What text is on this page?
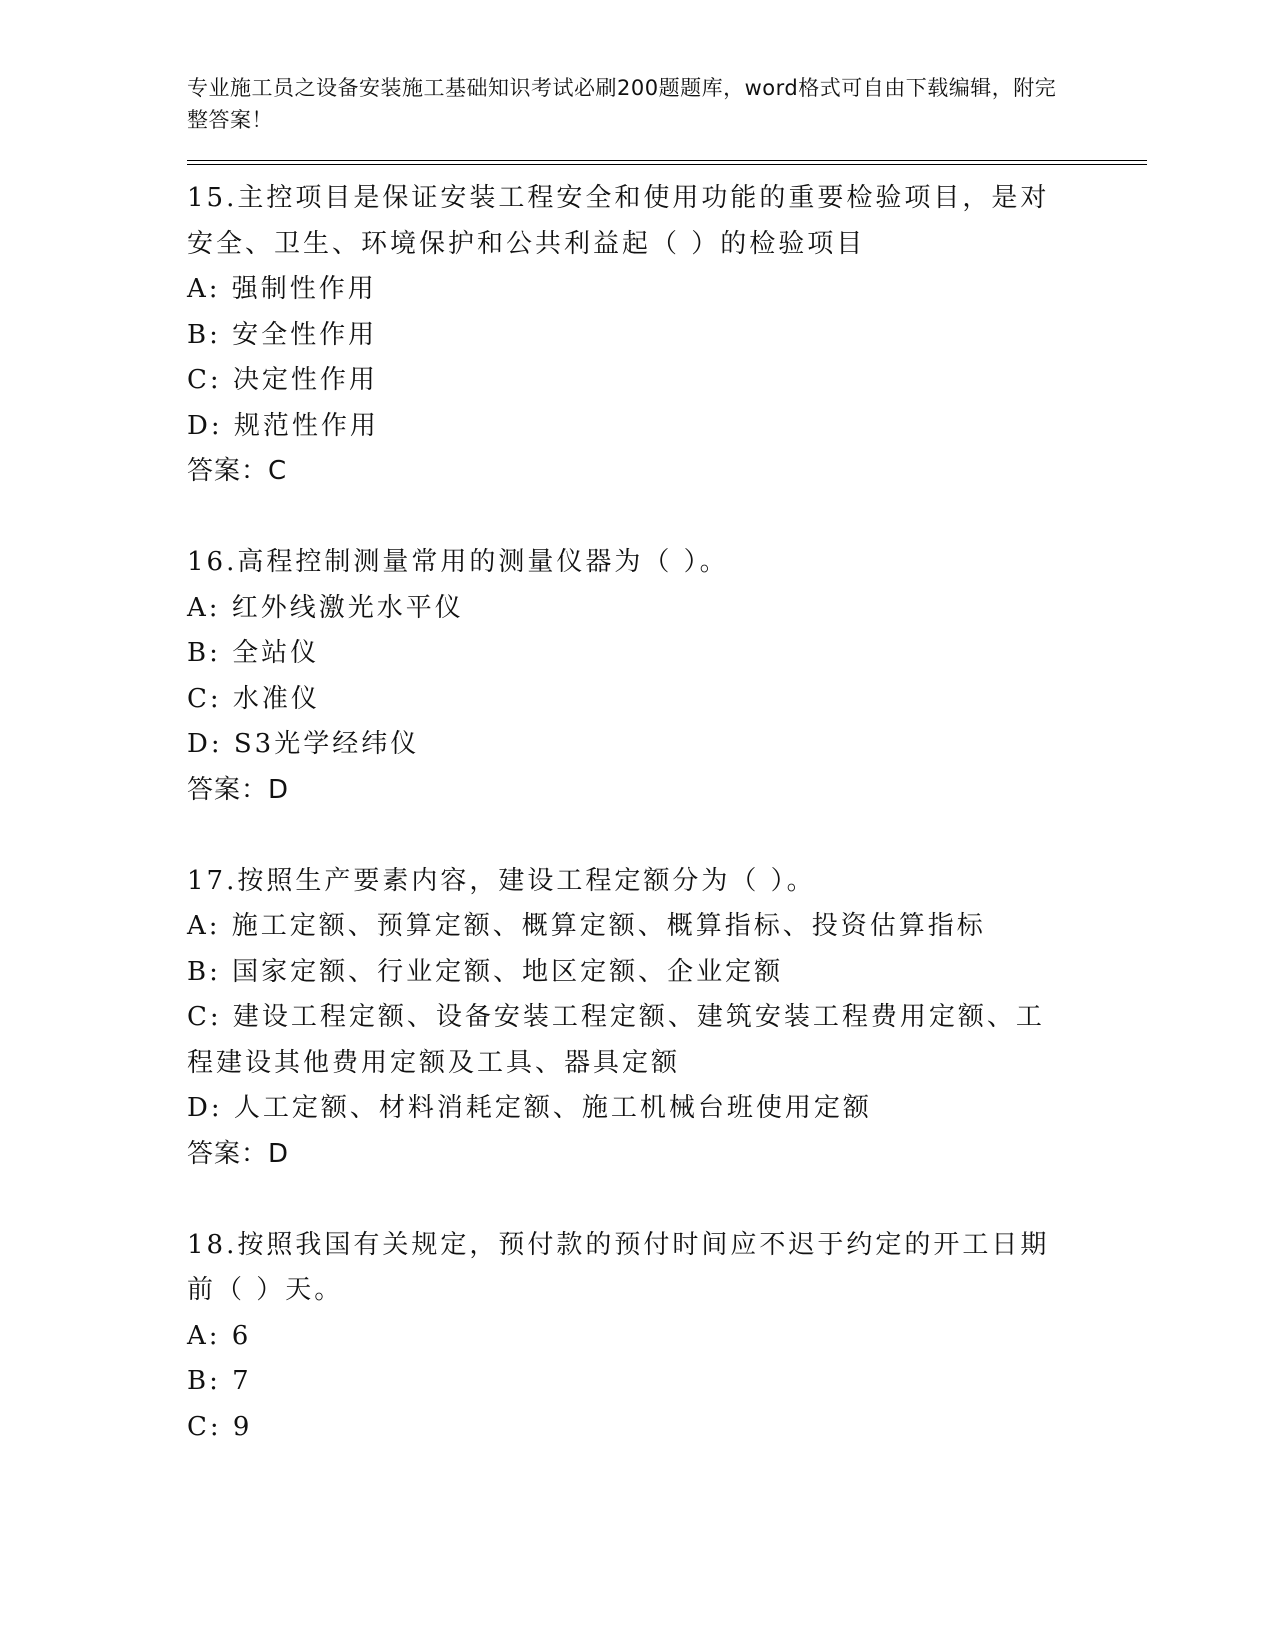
专业施工员之设备安装施工基础知识考试必刷200题题库，word格式可自由下载编辑，附完整答案！
15.主控项目是保证安装工程安全和使用功能的重要检验项目，是对安全、卫生、环境保护和公共利益起（ ）的检验项目
A: 强制性作用
B: 安全性作用
C: 决定性作用
D: 规范性作用
答案：C
16.高程控制测量常用的测量仪器为（ ）。
A: 红外线激光水平仪
B: 全站仪
C: 水准仪
D: S3光学经纬仪
答案：D
17.按照生产要素内容，建设工程定额分为（ ）。
A: 施工定额、预算定额、概算定额、概算指标、投资估算指标
B: 国家定额、行业定额、地区定额、企业定额
C: 建设工程定额、设备安装工程定额、建筑安装工程费用定额、工程建设其他费用定额及工具、器具定额
D: 人工定额、材料消耗定额、施工机械台班使用定额
答案：D
18.按照我国有关规定，预付款的预付时间应不迟于约定的开工日期前（ ）天。
A: 6
B: 7
C: 9
